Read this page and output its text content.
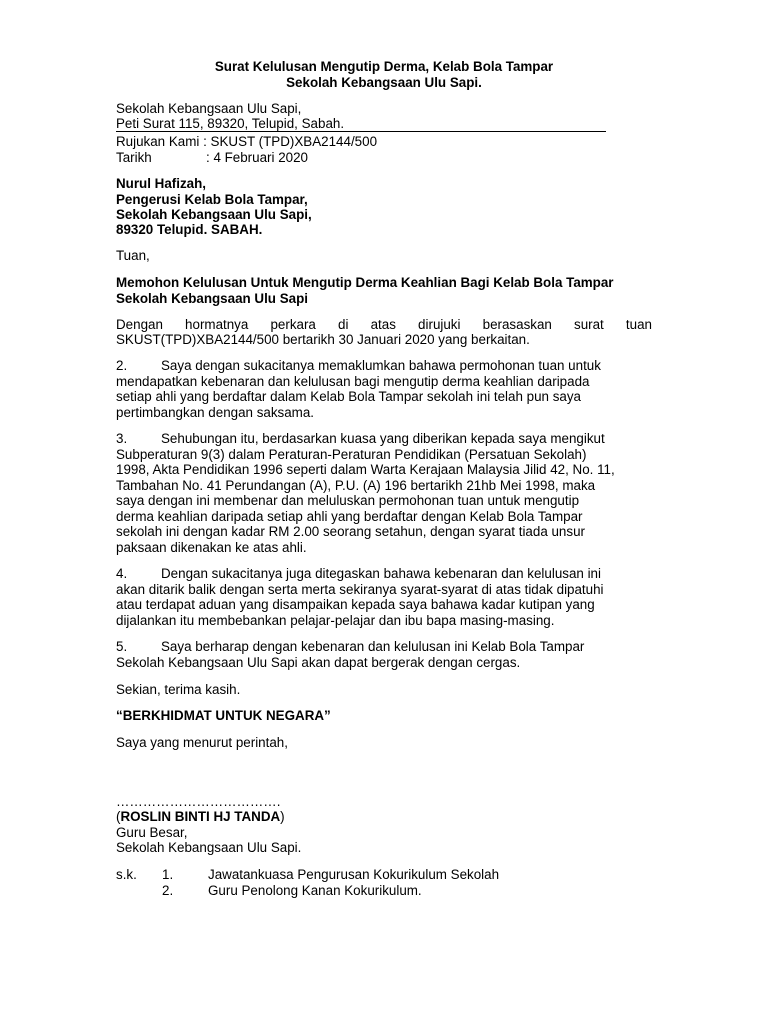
Surat Kelulusan Mengutip Derma, Kelab Bola Tampar
Sekolah Kebangsaan Ulu Sapi.
Sekolah Kebangsaan Ulu Sapi,
Peti Surat 115, 89320, Telupid, Sabah.
Rujukan Kami : SKUST (TPD)XBA2144/500
Tarikh	: 4 Februari 2020
Nurul Hafizah,
Pengerusi Kelab Bola Tampar,
Sekolah Kebangsaan Ulu Sapi,
89320 Telupid. SABAH.
Tuan,
Memohon Kelulusan Untuk Mengutip Derma Keahlian Bagi Kelab Bola Tampar
Sekolah Kebangsaan Ulu Sapi
Dengan hormatnya perkara di atas dirujuki berasaskan surat tuan
SKUST(TPD)XBA2144/500 bertarikh 30 Januari 2020 yang berkaitan.
2.	Saya dengan sukacitanya memaklumkan bahawa permohonan tuan untuk
mendapatkan kebenaran dan kelulusan bagi mengutip derma keahlian daripada
setiap ahli yang berdaftar dalam Kelab Bola Tampar sekolah ini telah pun saya
pertimbangkan dengan saksama.
3.	Sehubungan itu, berdasarkan kuasa yang diberikan kepada saya mengikut
Subperaturan 9(3) dalam Peraturan-Peraturan Pendidikan (Persatuan Sekolah)
1998, Akta Pendidikan 1996 seperti dalam Warta Kerajaan Malaysia Jilid 42, No. 11,
Tambahan No. 41 Perundangan (A), P.U. (A) 196 bertarikh 21hb Mei 1998, maka
saya dengan ini membenar dan meluluskan permohonan tuan untuk mengutip
derma keahlian daripada setiap ahli yang berdaftar dengan Kelab Bola Tampar
sekolah ini dengan kadar RM 2.00 seorang setahun, dengan syarat tiada unsur
paksaan dikenakan ke atas ahli.
4.	Dengan sukacitanya juga ditegaskan bahawa kebenaran dan kelulusan ini
akan ditarik balik dengan serta merta sekiranya syarat-syarat di atas tidak dipatuhi
atau terdapat aduan yang disampaikan kepada saya bahawa kadar kutipan yang
dijalankan itu membebankan pelajar-pelajar dan ibu bapa masing-masing.
5.	Saya berharap dengan kebenaran dan kelulusan ini Kelab Bola Tampar
Sekolah Kebangsaan Ulu Sapi akan dapat bergerak dengan cergas.
Sekian, terima kasih.
“BERKHIDMAT UNTUK NEGARA”
Saya yang menurut perintah,
……………………………….
(ROSLIN BINTI HJ TANDA)
Guru Besar,
Sekolah Kebangsaan Ulu Sapi.
s.k. 1.	Jawatankuasa Pengurusan Kokurikulum Sekolah
2.	Guru Penolong Kanan Kokurikulum.
